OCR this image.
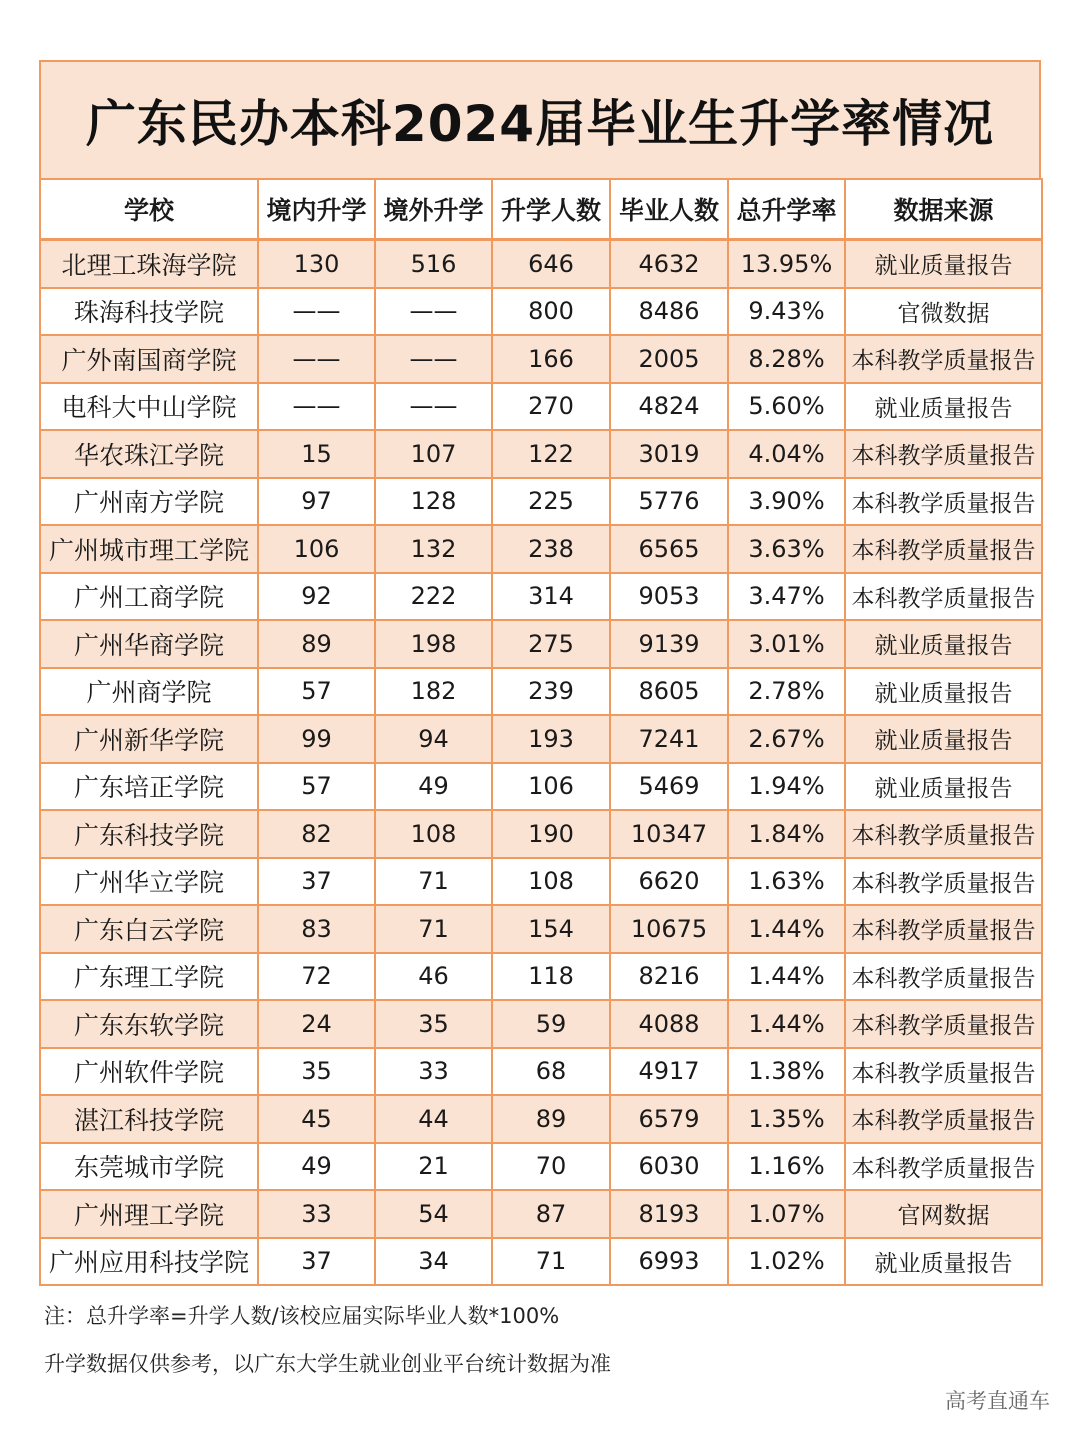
广东民办本科2024届毕业生升学率情况
学校	境内升学	境外升学	升学人数	毕业人数	总升学率	数据来源
北理工珠海学院	130	516	646	4632	13.95%	就业质量报告
珠海科技学院	——	——	800	8486	9.43%	官微数据
广外南国商学院	——	——	166	2005	8.28%	本科教学质量报告
电科大中山学院	——	——	270	4824	5.60%	就业质量报告
华农珠江学院	15	107	122	3019	4.04%	本科教学质量报告
广州南方学院	97	128	225	5776	3.90%	本科教学质量报告
广州城市理工学院	106	132	238	6565	3.63%	本科教学质量报告
广州工商学院	92	222	314	9053	3.47%	本科教学质量报告
广州华商学院	89	198	275	9139	3.01%	就业质量报告
广州商学院	57	182	239	8605	2.78%	就业质量报告
广州新华学院	99	94	193	7241	2.67%	就业质量报告
广东培正学院	57	49	106	5469	1.94%	就业质量报告
广东科技学院	82	108	190	10347	1.84%	本科教学质量报告
广州华立学院	37	71	108	6620	1.63%	本科教学质量报告
广东白云学院	83	71	154	10675	1.44%	本科教学质量报告
广东理工学院	72	46	118	8216	1.44%	本科教学质量报告
广东东软学院	24	35	59	4088	1.44%	本科教学质量报告
广州软件学院	35	33	68	4917	1.38%	本科教学质量报告
湛江科技学院	45	44	89	6579	1.35%	本科教学质量报告
东莞城市学院	49	21	70	6030	1.16%	本科教学质量报告
广州理工学院	33	54	87	8193	1.07%	官网数据
广州应用科技学院	37	34	71	6993	1.02%	就业质量报告
注：总升学率=升学人数/该校应届实际毕业人数*100%
升学数据仅供参考，以广东大学生就业创业平台统计数据为准
高考直通车
